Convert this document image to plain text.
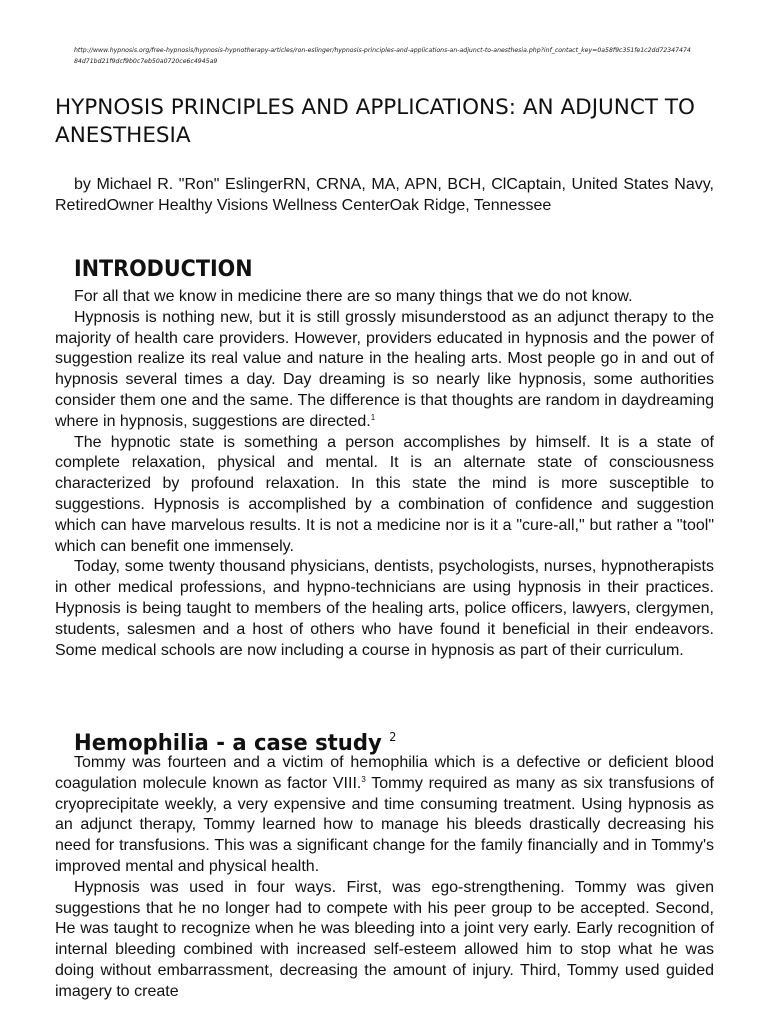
http://www.hypnosis.org/free-hypnosis/hypnosis-hypnotherapy-articles/ron-eslinger/hypnosis-principles-and-applications-an-adjunct-to-anesthesia.php?inf_contact_key=0a58f9c351fe1c2dd7234747484d71bd21f9dcf9b0c7eb50a0720ce6c4945a9
HYPNOSIS PRINCIPLES AND APPLICATIONS: AN ADJUNCT TO ANESTHESIA

by Michael R. "Ron" EslingerRN, CRNA, MA, APN, BCH, ClCaptain, United States Navy, RetiredOwner Healthy Visions Wellness CenterOak Ridge, Tennessee

INTRODUCTION

For all that we know in medicine there are so many things that we do not know.

Hypnosis is nothing new, but it is still grossly misunderstood as an adjunct therapy to the majority of health care providers. However, providers educated in hypnosis and the power of suggestion realize its real value and nature in the healing arts. Most people go in and out of hypnosis several times a day. Day dreaming is so nearly like hypnosis, some authorities consider them one and the same. The difference is that thoughts are random in daydreaming where in hypnosis, suggestions are directed.$^1$

The hypnotic state is something a person accomplishes by himself. It is a state of complete relaxation, physical and mental. It is an alternate state of consciousness characterized by profound relaxation. In this state the mind is more susceptible to suggestions. Hypnosis is accomplished by a combination of confidence and suggestion which can have marvelous results. It is not a medicine nor is it a "cure-all," but rather a "tool" which can benefit one immensely.

Today, some twenty thousand physicians, dentists, psychologists, nurses, hypnotherapists in other medical professions, and hypno-technicians are using hypnosis in their practices. Hypnosis is being taught to members of the healing arts, police officers, lawyers, clergymen, students, salesmen and a host of others who have found it beneficial in their endeavors. Some medical schools are now including a course in hypnosis as part of their curriculum.

Hemophilia - a case study $^2$

Tommy was fourteen and a victim of hemophilia which is a defective or deficient blood coagulation molecule known as factor VIII.$^3$ Tommy required as many as six transfusions of cryoprecipitate weekly, a very expensive and time consuming treatment. Using hypnosis as an adjunct therapy, Tommy learned how to manage his bleeds drastically decreasing his need for transfusions. This was a significant change for the family financially and in Tommy's improved mental and physical health.

Hypnosis was used in four ways. First, was ego-strengthening. Tommy was given suggestions that he no longer had to compete with his peer group to be accepted. Second, He was taught to recognize when he was bleeding into a joint very early. Early recognition of internal bleeding combined with increased self-esteem allowed him to stop what he was doing without embarrassment, decreasing the amount of injury. Third, Tommy used guided imagery to create
